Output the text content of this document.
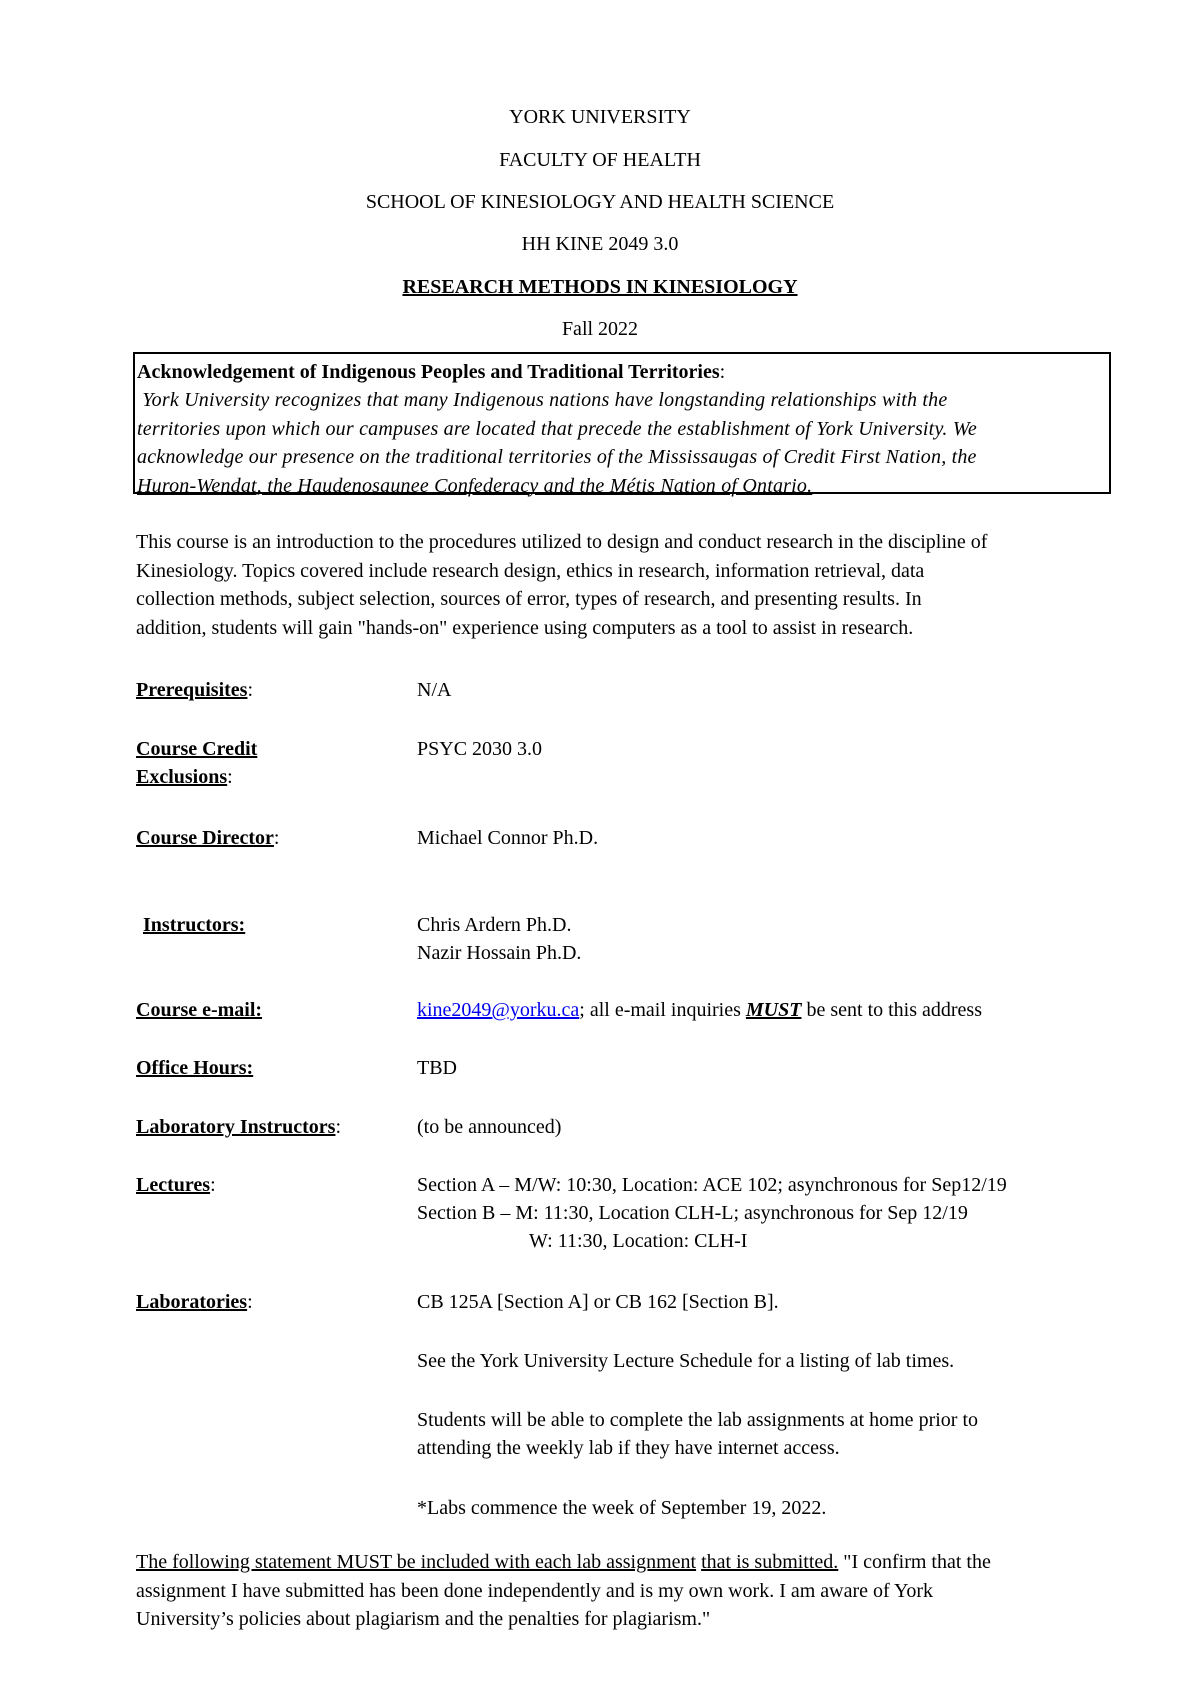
YORK UNIVERSITY
FACULTY OF HEALTH
SCHOOL OF KINESIOLOGY AND HEALTH SCIENCE
HH KINE 2049 3.0
RESEARCH METHODS IN KINESIOLOGY
Fall 2022
Acknowledgement of Indigenous Peoples and Traditional Territories:
York University recognizes that many Indigenous nations have longstanding relationships with the
territories upon which our campuses are located that precede the establishment of York University. We
acknowledge our presence on the traditional territories of the Mississaugas of Credit First Nation, the
Huron-Wendat, the Haudenosaunee Confederacy and the Métis Nation of Ontario.
This course is an introduction to the procedures utilized to design and conduct research in the discipline of
Kinesiology. Topics covered include research design, ethics in research, information retrieval, data
collection methods, subject selection, sources of error, types of research, and presenting results. In
addition, students will gain "hands-on" experience using computers as a tool to assist in research.
Prerequisites:	N/A
Course Credit
Exclusions:
PSYC 2030 3.0
Course Director:	Michael Connor Ph.D.
Instructors:	Chris Ardern Ph.D.
Nazir Hossain Ph.D.
Course e-mail:	kine2049@yorku.ca; all e-mail inquiries MUST be sent to this address
Office Hours:	TBD
Laboratory Instructors:	(to be announced)
Lectures:	Section A – M/W: 10:30, Location: ACE 102; asynchronous for Sep12/19
Section B – M: 11:30, Location CLH-L; asynchronous for Sep 12/19
W: 11:30, Location: CLH-I
Laboratories:	CB 125A [Section A] or CB 162 [Section B].
See the York University Lecture Schedule for a listing of lab times.
Students will be able to complete the lab assignments at home prior to
attending the weekly lab if they have internet access.
*Labs commence the week of September 19, 2022.
The following statement MUST be included with each lab assignment that is submitted. "I confirm that the
assignment I have submitted has been done independently and is my own work. I am aware of York
University’s policies about plagiarism and the penalties for plagiarism."
